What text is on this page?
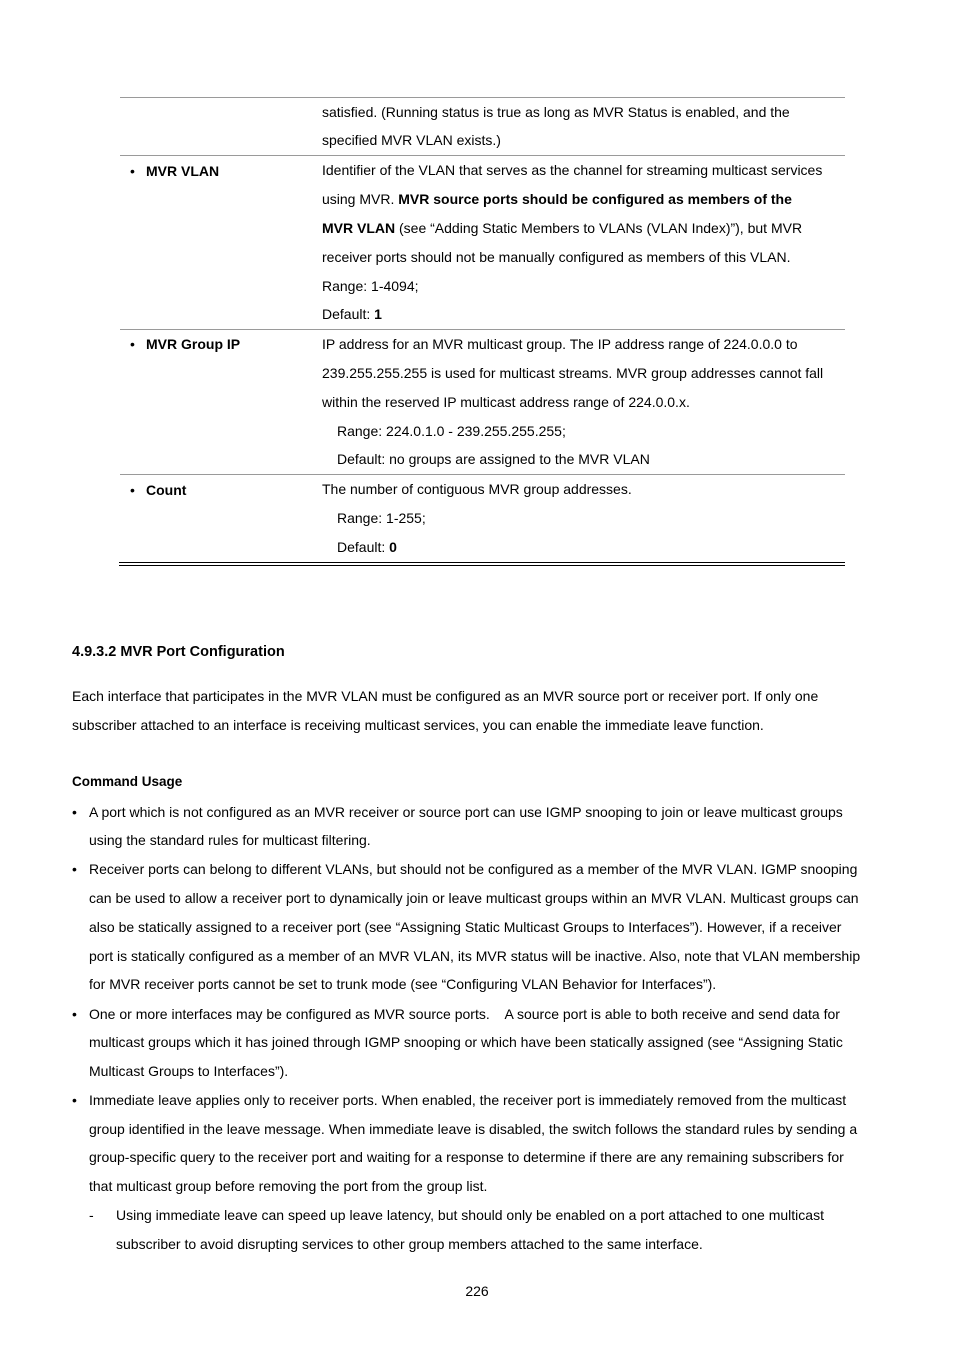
satisfied. (Running status is true as long as MVR Status is enabled, and the
specified MVR VLAN exists.)
• MVR VLAN	Identifier of the VLAN that serves as the channel for streaming multicast services
using MVR. MVR source ports should be configured as members of the
MVR VLAN (see “Adding Static Members to VLANs (VLAN Index)”), but MVR
receiver ports should not be manually configured as members of this VLAN.
Range: 1-4094;
Default: 1
• MVR Group IP	IP address for an MVR multicast group. The IP address range of 224.0.0.0 to
239.255.255.255 is used for multicast streams. MVR group addresses cannot fall
within the reserved IP multicast address range of 224.0.0.x.
Range: 224.0.1.0 - 239.255.255.255;
Default: no groups are assigned to the MVR VLAN
• Count	The number of contiguous MVR group addresses.
Range: 1-255;
Default: 0
4.9.3.2 MVR Port Configuration
Each interface that participates in the MVR VLAN must be configured as an MVR source port or receiver port. If only one
subscriber attached to an interface is receiving multicast services, you can enable the immediate leave function.
Command Usage
A port which is not configured as an MVR receiver or source port can use IGMP snooping to join or leave multicast groups
using the standard rules for multicast filtering.
Receiver ports can belong to different VLANs, but should not be configured as a member of the MVR VLAN. IGMP snooping
can be used to allow a receiver port to dynamically join or leave multicast groups within an MVR VLAN. Multicast groups can
also be statically assigned to a receiver port (see “Assigning Static Multicast Groups to Interfaces”). However, if a receiver
port is statically configured as a member of an MVR VLAN, its MVR status will be inactive. Also, note that VLAN membership
for MVR receiver ports cannot be set to trunk mode (see “Configuring VLAN Behavior for Interfaces”).
One or more interfaces may be configured as MVR source ports.    A source port is able to both receive and send data for
multicast groups which it has joined through IGMP snooping or which have been statically assigned (see “Assigning Static
Multicast Groups to Interfaces”).
Immediate leave applies only to receiver ports. When enabled, the receiver port is immediately removed from the multicast
group identified in the leave message. When immediate leave is disabled, the switch follows the standard rules by sending a
group-specific query to the receiver port and waiting for a response to determine if there are any remaining subscribers for
that multicast group before removing the port from the group list.
- Using immediate leave can speed up leave latency, but should only be enabled on a port attached to one multicast
subscriber to avoid disrupting services to other group members attached to the same interface.
226
